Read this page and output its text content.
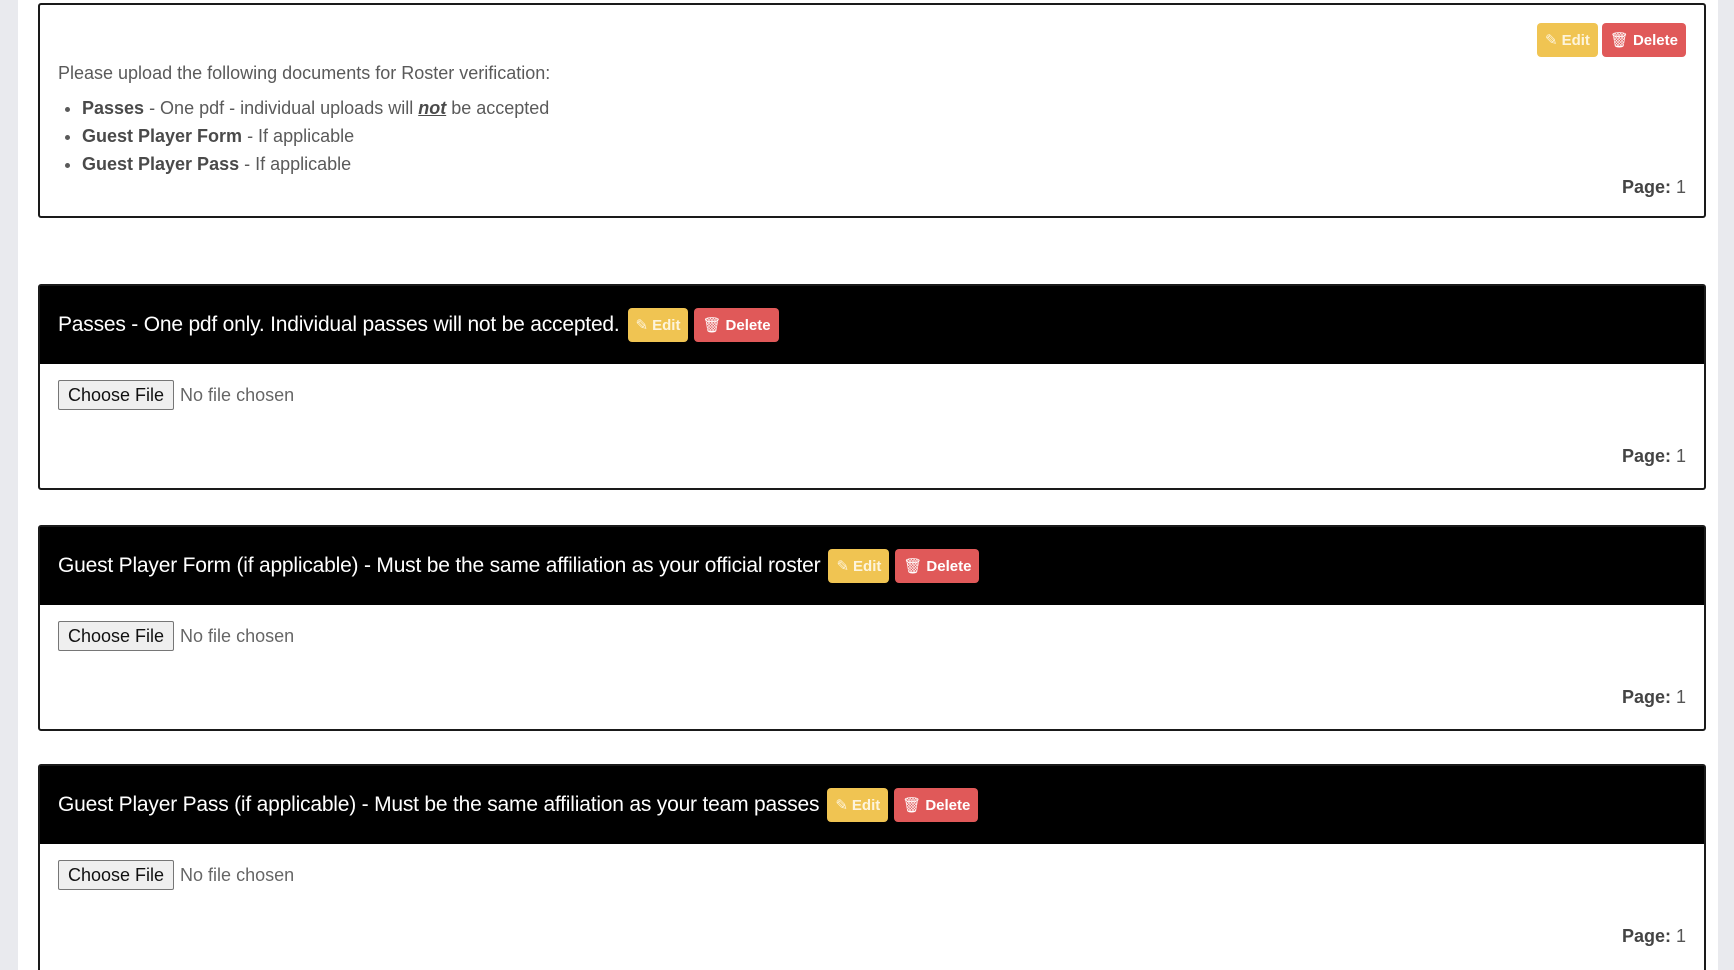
✎ Edit 🗑 Delete
Please upload the following documents for Roster verification:
• Passes - One pdf - individual uploads will not be accepted
• Guest Player Form - If applicable
• Guest Player Pass - If applicable
Page: 1
Passes - One pdf only. Individual passes will not be accepted. ✎ Edit 🗑 Delete
Choose File No file chosen
Page: 1
Guest Player Form (if applicable) - Must be the same affiliation as your official roster ✎ Edit 🗑 Delete
Choose File No file chosen
Page: 1
Guest Player Pass (if applicable) - Must be the same affiliation as your team passes ✎ Edit 🗑 Delete
Choose File No file chosen
Page: 1
